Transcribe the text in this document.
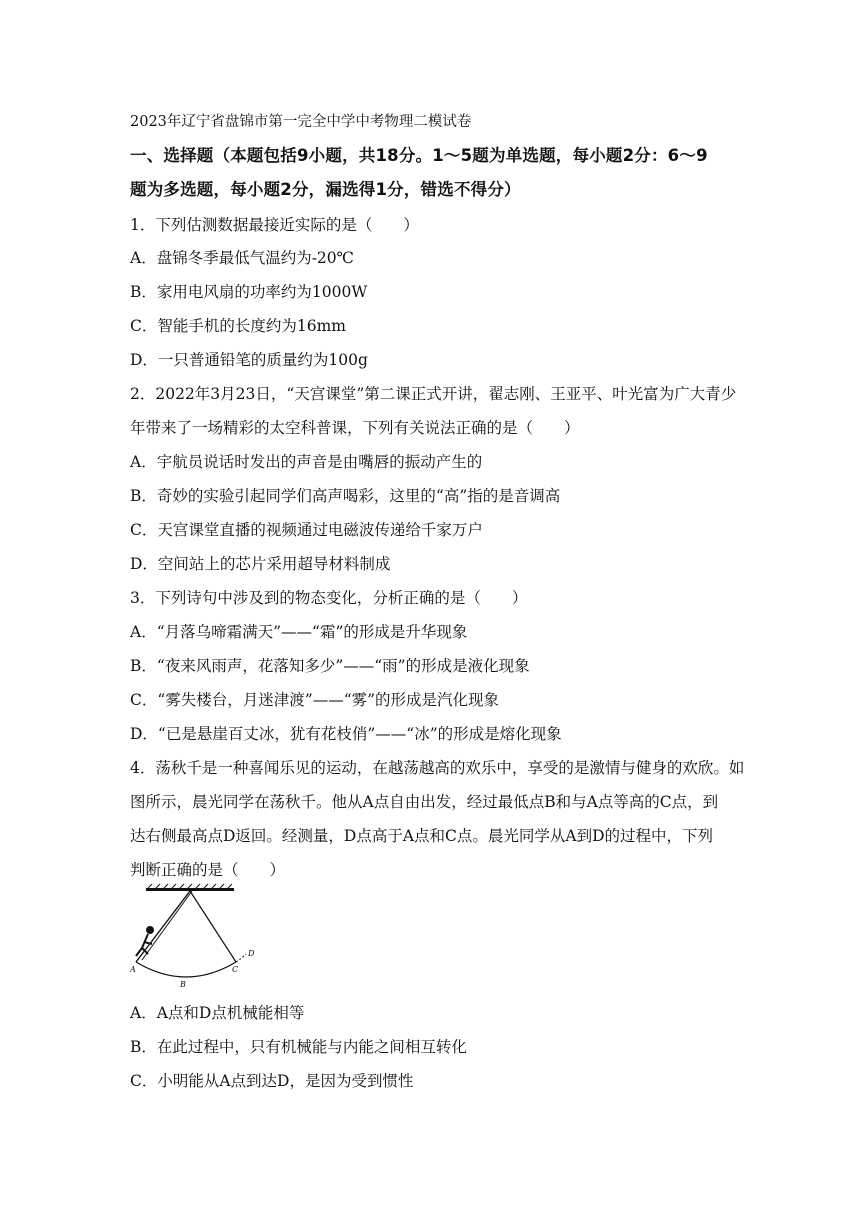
2023年辽宁省盘锦市第一完全中学中考物理二模试卷
一、选择题（本题包括9小题，共18分。1～5题为单选题，每小题2分：6～9
题为多选题，每小题2分，漏选得1分，错选不得分）
1．下列估测数据最接近实际的是（　　）
A．盘锦冬季最低气温约为-20℃
B．家用电风扇的功率约为1000W
C．智能手机的长度约为16mm
D．一只普通铅笔的质量约为100g
2．2022年3月23日，“天宫课堂”第二课正式开讲，翟志刚、王亚平、叶光富为广大青少
年带来了一场精彩的太空科普课，下列有关说法正确的是（　　）
A．宇航员说话时发出的声音是由嘴唇的振动产生的
B．奇妙的实验引起同学们高声喝彩，这里的“高”指的是音调高
C．天宫课堂直播的视频通过电磁波传递给千家万户
D．空间站上的芯片采用超导材料制成
3．下列诗句中涉及到的物态变化，分析正确的是（　　）
A．“月落乌啼霜满天”——“霜”的形成是升华现象
B．“夜来风雨声，花落知多少”——“雨”的形成是液化现象
C．“雾失楼台，月迷津渡”——“雾”的形成是汽化现象
D．“已是悬崖百丈冰，犹有花枝俏”——“冰”的形成是熔化现象
4．荡秋千是一种喜闻乐见的运动，在越荡越高的欢乐中，享受的是激情与健身的欢欣。如
图所示，晨光同学在荡秋千。他从A点自由出发，经过最低点B和与A点等高的C点，到
达右侧最高点D返回。经测量，D点高于A点和C点。晨光同学从A到D的过程中，下列
判断正确的是（　　）
A
B
C
D
A．A点和D点机械能相等
B．在此过程中，只有机械能与内能之间相互转化
C．小明能从A点到达D，是因为受到惯性
